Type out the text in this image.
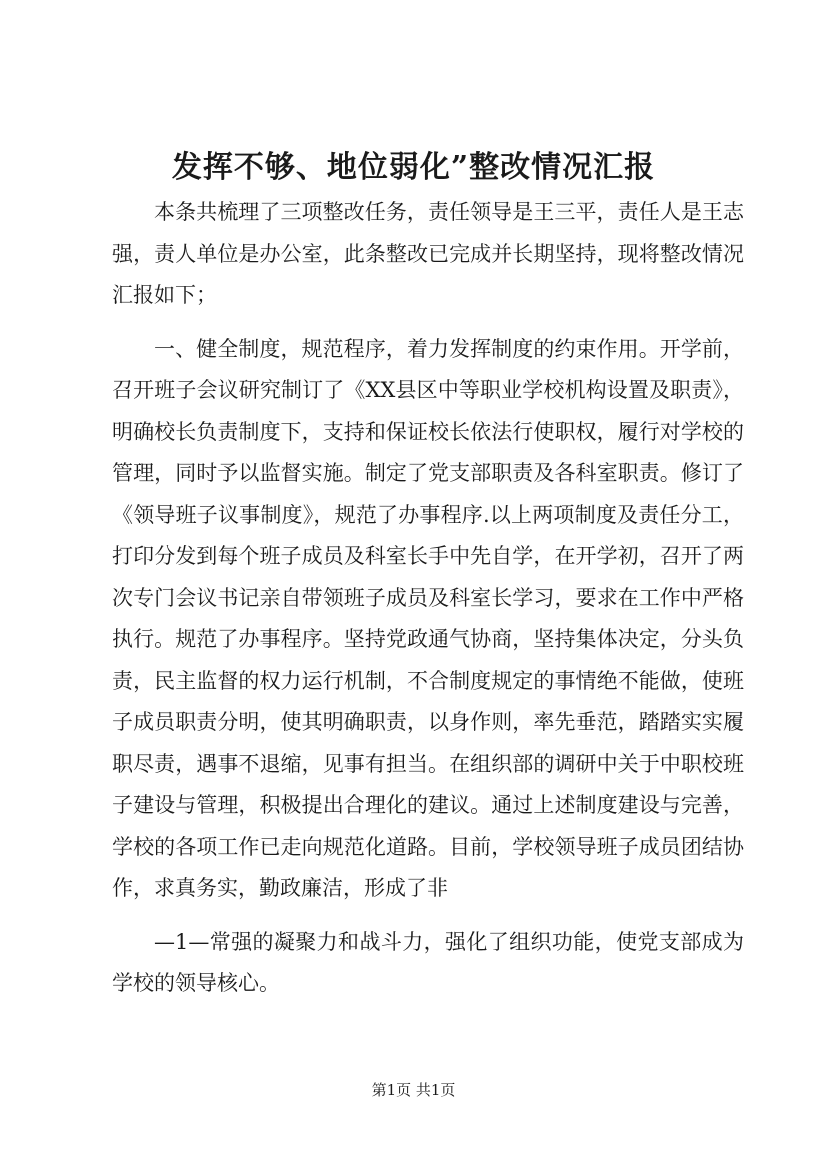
发挥不够、地位弱化”整改情况汇报

本条共梳理了三项整改任务，责任领导是王三平，责任人是王志强，责人单位是办公室，此条整改已完成并长期坚持，现将整改情况汇报如下；

一、健全制度，规范程序，着力发挥制度的约束作用。开学前，召开班子会议研究制订了《XX县区中等职业学校机构设置及职责》，明确校长负责制度下，支持和保证校长依法行使职权，履行对学校的管理，同时予以监督实施。制定了党支部职责及各科室职责。修订了《领导班子议事制度》，规范了办事程序.以上两项制度及责任分工，打印分发到每个班子成员及科室长手中先自学，在开学初，召开了两次专门会议书记亲自带领班子成员及科室长学习，要求在工作中严格执行。规范了办事程序。坚持党政通气协商，坚持集体决定，分头负责，民主监督的权力运行机制，不合制度规定的事情绝不能做，使班子成员职责分明，使其明确职责，以身作则，率先垂范，踏踏实实履职尽责，遇事不退缩，见事有担当。在组织部的调研中关于中职校班子建设与管理，积极提出合理化的建议。通过上述制度建设与完善，学校的各项工作已走向规范化道路。目前，学校领导班子成员团结协作，求真务实，勤政廉洁，形成了非

—1—常强的凝聚力和战斗力，强化了组织功能，使党支部成为学校的领导核心。

第1页 共1页
